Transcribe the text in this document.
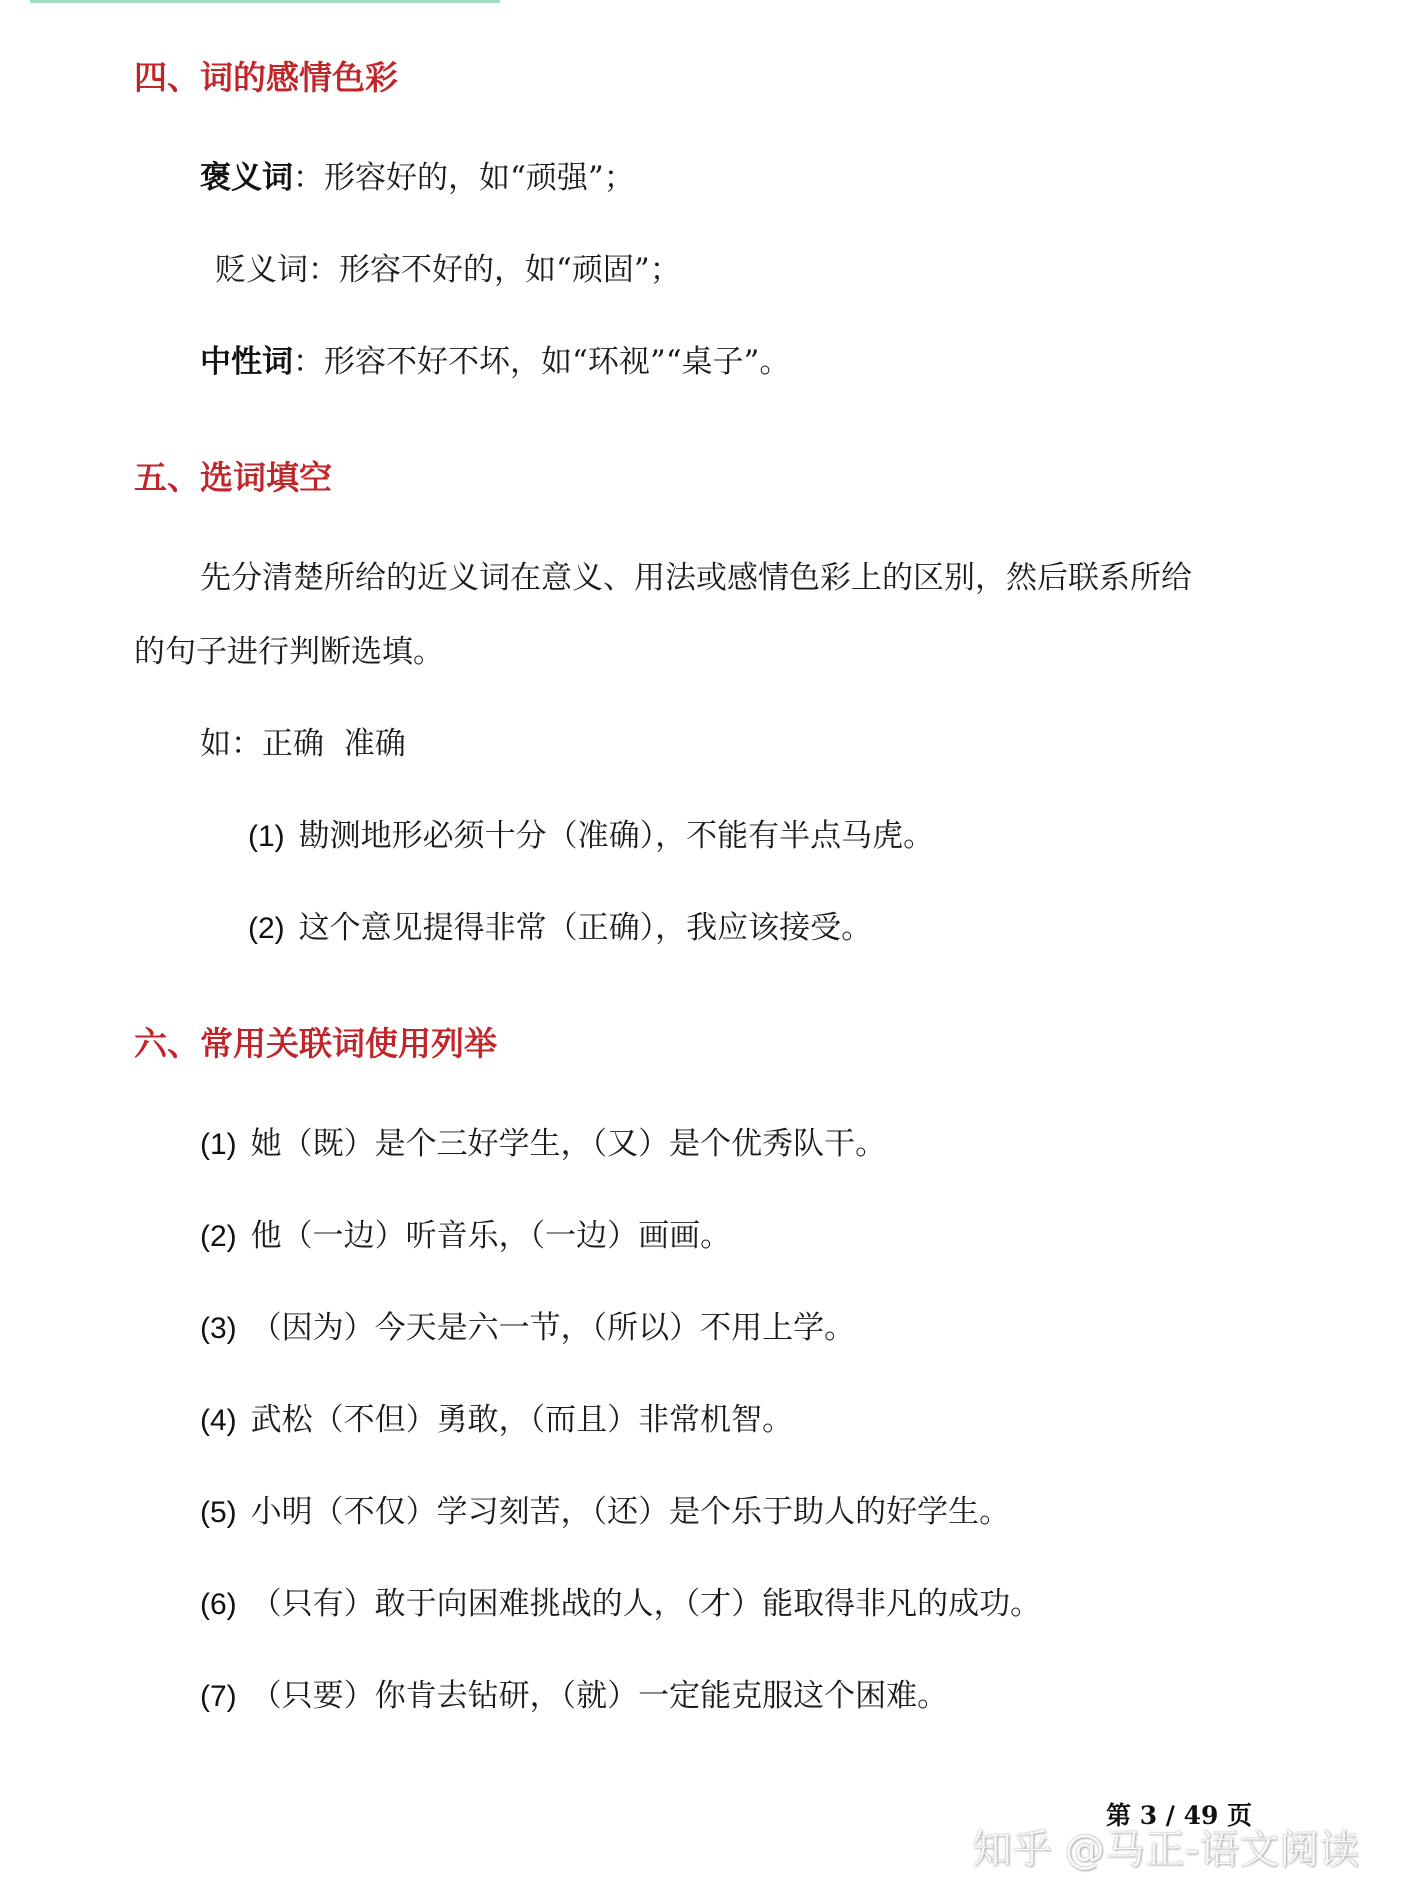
四、词的感情色彩
褒义词：形容好的，如“顽强”；
贬义词：形容不好的，如“顽固”；
中性词：形容不好不坏，如“环视”“桌子”。
五、选词填空
先分清楚所给的近义词在意义、用法或感情色彩上的区别，然后联系所给
的句子进行判断选填。
如：正确  准确
(1) 勘测地形必须十分（准确），不能有半点马虎。
(2) 这个意见提得非常（正确），我应该接受。
六、常用关联词使用列举
(1) 她（既）是个三好学生，（又）是个优秀队干。
(2) 他（一边）听音乐，（一边）画画。
(3) （因为）今天是六一节，（所以）不用上学。
(4) 武松（不但）勇敢，（而且）非常机智。
(5) 小明（不仅）学习刻苦，（还）是个乐于助人的好学生。
(6) （只有）敢于向困难挑战的人，（才）能取得非凡的成功。
(7) （只要）你肯去钻研，（就）一定能克服这个困难。
第 3 / 49 页
知乎 @马正-语文阅读
